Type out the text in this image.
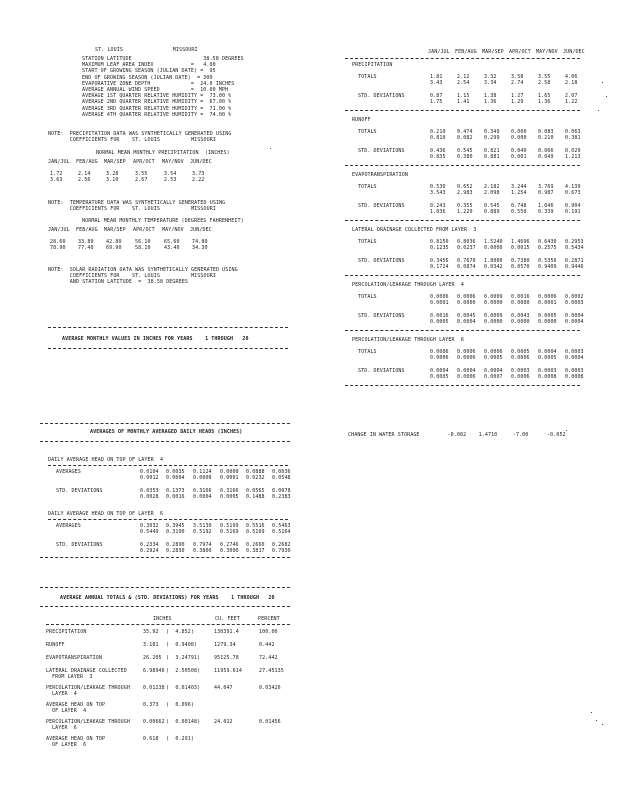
ST. LOUIS                MISSOURI
STATION LATITUDE                       38.58 DEGREES
MAXIMUM LEAF AREA INDEX            =   4.00
START OF GROWING SEASON (JULIAN DATE) =  95
END OF GROWING SEASON (JULIAN DATE)  = 300
EVAPORATIVE ZONE DEPTH             =  24.0 INCHES
AVERAGE ANNUAL WIND SPEED          =  10.00 MPH
AVERAGE 1ST QUARTER RELATIVE HUMIDITY =  73.00 %
AVERAGE 2ND QUARTER RELATIVE HUMIDITY =  67.00 %
AVERAGE 3RD QUARTER RELATIVE HUMIDITY =  71.00 %
AVERAGE 4TH QUARTER RELATIVE HUMIDITY =  74.00 %
NOTE:  PRECIPITATION DATA WAS SYNTHETICALLY GENERATED USING
COEFFICIENTS FOR    ST. LOUIS          MISSOURI
NORMAL MEAN MONTHLY PRECIPITATION  (INCHES)
JAN/JUL FEB/AUG MAR/SEP APR/OCT MAY/NOV JUN/DEC
1.72	2.14	3.28	3.55	3.54	3.73
3.63	2.56	3.10	2.67	2.53	2.22
NOTE:  TEMPERATURE DATA WAS SYNTHETICALLY GENERATED USING
COEFFICIENTS FOR    ST. LOUIS          MISSOURI
NORMAL MEAN MONTHLY TEMPERATURE (DEGREES FAHRENHEIT)
JAN/JUL FEB/AUG MAR/SEP APR/OCT MAY/NOV JUN/DEC
28.60 33.80 42.80	56.10	65.60 74.80
78.90 77.40 69.90	58.10	43.40 34.30
NOTE:  SOLAR RADIATION DATA WAS SYNTHETICALLY GENERATED USING
COEFFICIENTS FOR    ST. LOUIS          MISSOURI
AND STATION LATITUDE  =  38.58 DEGREES
AVERAGE MONTHLY VALUES IN INCHES FOR YEARS    1 THROUGH   20
JAN/JUL FEB/AUG MAR/SEP APR/OCT MAY/NOV JUN/DEC
PRECIPITATION
TOTALS	1.81	2.12	3.32	3.58	3.55	4.06
3.43	2.54	3.34	2.74	2.58	2.18
STD. DEVIATIONS	0.87	1.15	1.38	1.27	1.65	2.07
1.75	1.41	1.36	1.29	1.36	1.22
RUNOFF
TOTALS	0.210 0.474 0.349 0.000 0.083 0.063
0.810 0.082 0.299 0.000 0.210 0.381
STD. DEVIATIONS	0.436 0.545 0.821 0.040 0.066 0.029
0.835 0.380 0.881 0.001 0.049 1.213
EVAPOTRANSPIRATION
TOTALS	0.530 0.652 2.182 3.244 3.769 4.139
3.543 2.983 2.098 1.254 0.987 0.673
STD. DEVIATIONS	0.243 0.355 0.545 0.748 1.046 0.904
1.036 1.220 0.889 0.550 0.339 0.191
LATERAL DRAINAGE COLLECTED FROM LAYER  3
TOTALS	0.8150 0.8036 1.5240 1.4696 0.6430 0.2953
0.1235 0.0237 0.0000 0.0015 0.2575 0.5434
STD. DEVIATIONS	0.3456 0.7670 1.8000 0.7380 0.5356 0.2871
0.1724 0.0874 0.0342 0.0570 0.9409 0.9446
PERCOLATION/LEAKAGE THROUGH LAYER  4
TOTALS	0.0006 0.0006 0.0009 0.0016 0.0006 0.0002
0.0001 0.0000 0.0000 0.0000 0.0001 0.0003
STD. DEVIATIONS	0.0016 0.0045 0.0009 0.0043 0.0005 0.0004
0.0005 0.0004 0.0000 0.0000 0.0000 0.0004
PERCOLATION/LEAKAGE THROUGH LAYER  6
TOTALS	0.0006 0.0006 0.0006 0.0005 0.0004 0.0003
0.0006 0.0006 0.0005 0.0006 0.0005 0.0004
STD. DEVIATIONS	0.0004 0.0004 0.0004 0.0003 0.0003 0.0003
0.0005 0.0006 0.0007 0.0006 0.0008 0.0008
CHANGE IN WATER STORAGE         -0.082    1.4710     -7.00      -0.052
AVERAGES OF MONTHLY AVERAGED DAILY HEADS (INCHES)
DAILY AVERAGE HEAD ON TOP OF LAYER  4
AVERAGES	0.0104 0.0035 0.1124 0.0000 0.0888 0.0036
0.0012 0.0004 0.0000 0.0001 0.0232 0.0548
STD. DEVIATIONS	0.0353 0.1373 0.3166 0.3166 0.0565 0.0078
0.0028 0.0016 0.0004 0.0005 0.1488 0.2383
DAILY AVERAGE HEAD ON TOP OF LAYER  6
AVERAGES	0.3032 0.3945 3.5130 0.5199 0.5516 0.5463
0.5449 0.3190 0.5192 0.5169 0.5169 0.5164
STD. DEVIATIONS	0.2334 0.2890 0.7974 0.2746 0.2660 0.2682
0.2924 0.2830 0.3800 0.3000 0.3817 0.7930
AVERAGE ANNUAL TOTALS & (STD. DEVIATIONS) FOR YEARS    1 THROUGH   20
INCHES	CU. FEET	PERCENT
PRECIPITATION	35.92 (  4.852)	130391.4	100.00
RUNOFF	3.181 (  0.9408)	1279.34	0.442
EVAPOTRANSPIRATION	26.205 (  3.24791)	95125.78	72.442
LATERAL DRAINAGE COLLECTED
FROM LAYER  3
6.98946 (  2.50508)	11959.614	27.45135
PERCOLATION/LEAKAGE THROUGH
LAYER  4
0.01238 (  0.01403)	44.047	0.03426
AVERAGE HEAD ON TOP
OF LAYER  4
0.373 (  0.096)
PERCOLATION/LEAKAGE THROUGH
LAYER  6
0.00662 (  0.00148)	24.012	0.01456
AVERAGE HEAD ON TOP
OF LAYER  6
0.618 (  0.291)
